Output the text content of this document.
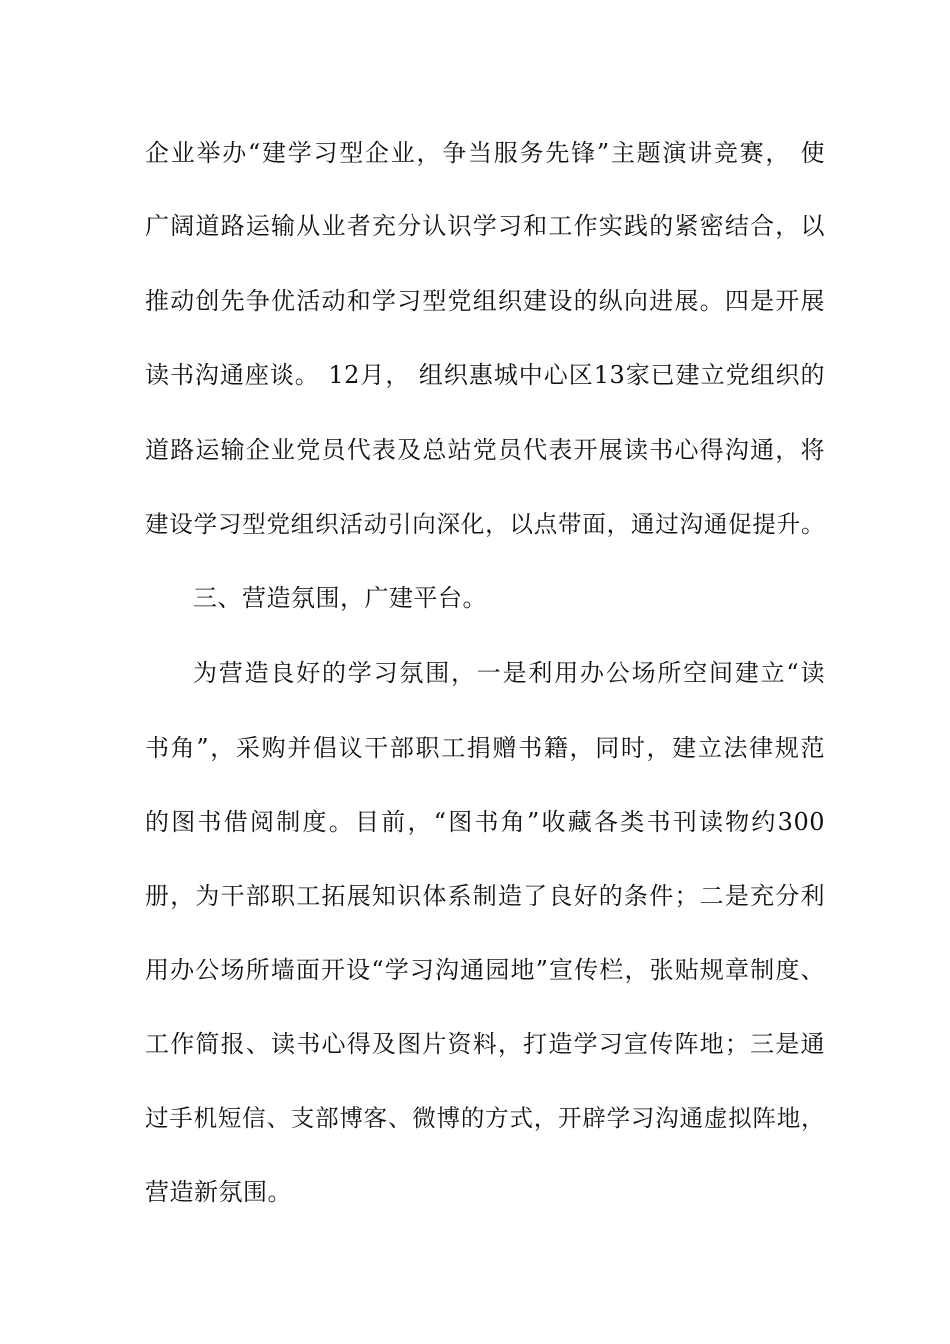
企业举办“建学习型企业，争当服务先锋”主题演讲竞赛， 使
广阔道路运输从业者充分认识学习和工作实践的紧密结合，以
推动创先争优活动和学习型党组织建设的纵向进展。四是开展
读书沟通座谈。 12月， 组织惠城中心区13家已建立党组织的
道路运输企业党员代表及总站党员代表开展读书心得沟通，将
建设学习型党组织活动引向深化，以点带面，通过沟通促提升。
三、营造氛围，广建平台。
为营造良好的学习氛围，一是利用办公场所空间建立“读
书角”，采购并倡议干部职工捐赠书籍，同时，建立法律规范
的图书借阅制度。目前，“图书角”收藏各类书刊读物约300
册，为干部职工拓展知识体系制造了良好的条件；二是充分利
用办公场所墙面开设“学习沟通园地”宣传栏，张贴规章制度、
工作简报、读书心得及图片资料，打造学习宣传阵地；三是通
过手机短信、支部博客、微博的方式，开辟学习沟通虚拟阵地，
营造新氛围。
